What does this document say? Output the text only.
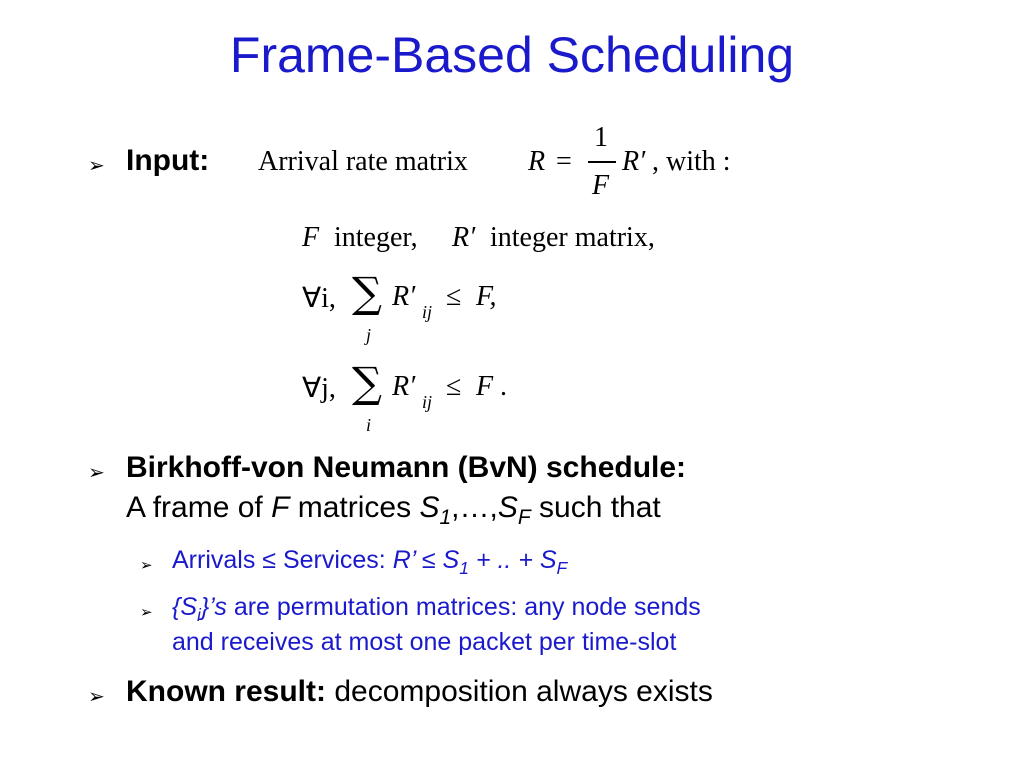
Frame-Based Scheduling
➢ Input: Arrival rate matrix R =
1
F
R′ , with :
F integer, R′ integer matrix,
∀i, ∑
j
R′ ij ≤ F,
∀j, ∑
i
R′ ij ≤ F .
➢ Birkhoff-von Neumann (BvN) schedule:
A frame of F matrices $S_1,\dots,S_F$ such that
➢ Arrivals ≤ Services: R’ ≤ $S_1$ + .. + $S_F$
➢ $\{S_i\}’s$ are permutation matrices: any node sends
and receives at most one packet per time-slot
➢ Known result: decomposition always exists
